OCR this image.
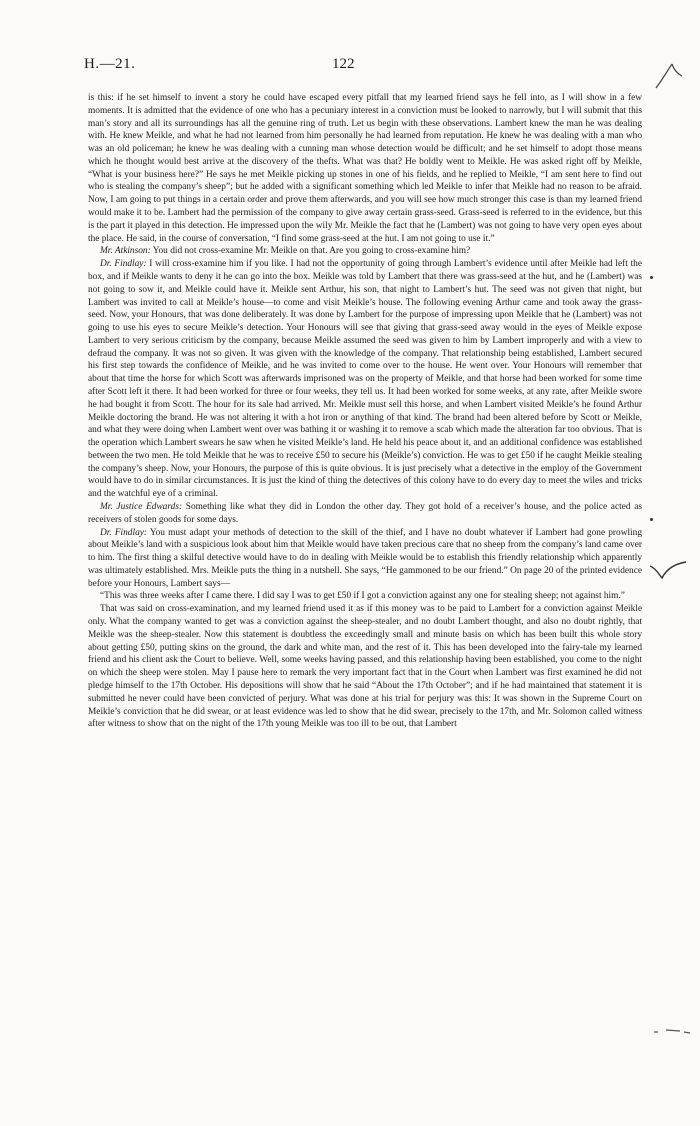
H.—21.	122

is this: if he set himself to invent a story he could have escaped every pitfall that my learned friend says he fell into, as I will show in a few moments. It is admitted that the evidence of one who has a pecuniary interest in a conviction must be looked to narrowly, but I will submit that this man’s story and all its surroundings has all the genuine ring of truth. Let us begin with these observations. Lambert knew the man he was dealing with. He knew Meikle, and what he had not learned from him personally he had learned from reputation. He knew he was dealing with a man who was an old policeman; he knew he was dealing with a cunning man whose detection would be difficult; and he set himself to adopt those means which he thought would best arrive at the discovery of the thefts. What was that? He boldly went to Meikle. He was asked right off by Meikle, “What is your business here?” He says he met Meikle picking up stones in one of his fields, and he replied to Meikle, “I am sent here to find out who is stealing the company’s sheep”; but he added with a significant something which led Meikle to infer that Meikle had no reason to be afraid. Now, I am going to put things in a certain order and prove them afterwards, and you will see how much stronger this case is than my learned friend would make it to be. Lambert had the permission of the company to give away certain grass-seed. Grass-seed is referred to in the evidence, but this is the part it played in this detection. He impressed upon the wily Mr. Meikle the fact that he (Lambert) was not going to have very open eyes about the place. He said, in the course of conversation, “I find some grass-seed at the hut. I am not going to use it.”

Mr. Atkinson: You did not cross-examine Mr. Meikle on that. Are you going to cross-examine him?

Dr. Findlay: I will cross-examine him if you like. I had not the opportunity of going through Lambert’s evidence until after Meikle had left the box, and if Meikle wants to deny it he can go into the box. Meikle was told by Lambert that there was grass-seed at the hut, and he (Lambert) was not going to sow it, and Meikle could have it. Meikle sent Arthur, his son, that night to Lambert’s hut. The seed was not given that night, but Lambert was invited to call at Meikle’s house—to come and visit Meikle’s house. The following evening Arthur came and took away the grass-seed. Now, your Honours, that was done deliberately. It was done by Lambert for the purpose of impressing upon Meikle that he (Lambert) was not going to use his eyes to secure Meikle’s detection. Your Honours will see that giving that grass-seed away would in the eyes of Meikle expose Lambert to very serious criticism by the company, because Meikle assumed the seed was given to him by Lambert improperly and with a view to defraud the company. It was not so given. It was given with the knowledge of the company. That relationship being established, Lambert secured his first step towards the confidence of Meikle, and he was invited to come over to the house. He went over. Your Honours will remember that about that time the horse for which Scott was afterwards imprisoned was on the property of Meikle, and that horse had been worked for some time after Scott left it there. It had been worked for three or four weeks, they tell us. It had been worked for some weeks, at any rate, after Meikle swore he had bought it from Scott. The hour for its sale had arrived. Mr. Meikle must sell this horse, and when Lambert visited Meikle’s he found Arthur Meikle doctoring the brand. He was not altering it with a hot iron or anything of that kind. The brand had been altered before by Scott or Meikle, and what they were doing when Lambert went over was bathing it or washing it to remove a scab which made the alteration far too obvious. That is the operation which Lambert swears he saw when he visited Meikle’s land. He held his peace about it, and an additional confidence was established between the two men. He told Meikle that he was to receive £50 to secure his (Meikle’s) conviction. He was to get £50 if he caught Meikle stealing the company’s sheep. Now, your Honours, the purpose of this is quite obvious. It is just precisely what a detective in the employ of the Government would have to do in similar circumstances. It is just the kind of thing the detectives of this colony have to do every day to meet the wiles and tricks and the watchful eye of a criminal.

Mr. Justice Edwards: Something like what they did in London the other day. They got hold of a receiver’s house, and the police acted as receivers of stolen goods for some days.

Dr. Findlay: You must adapt your methods of detection to the skill of the thief, and I have no doubt whatever if Lambert had gone prowling about Meikle’s land with a suspicious look about him that Meikle would have taken precious care that no sheep from the company’s land came over to him. The first thing a skilful detective would have to do in dealing with Meikle would be to establish this friendly relationship which apparently was ultimately established. Mrs. Meikle puts the thing in a nutshell. She says, “He gammoned to be our friend.” On page 20 of the printed evidence before your Honours, Lambert says—

“This was three weeks after I came there. I did say I was to get £50 if I got a conviction against any one for stealing sheep; not against him.”

That was said on cross-examination, and my learned friend used it as if this money was to be paid to Lambert for a conviction against Meikle only. What the company wanted to get was a conviction against the sheep-stealer, and no doubt Lambert thought, and also no doubt rightly, that Meikle was the sheep-stealer. Now this statement is doubtless the exceedingly small and minute basis on which has been built this whole story about getting £50, putting skins on the ground, the dark and white man, and the rest of it. This has been developed into the fairy-tale my learned friend and his client ask the Court to believe. Well, some weeks having passed, and this relationship having been established, you come to the night on which the sheep were stolen. May I pause here to remark the very important fact that in the Court when Lambert was first examined he did not pledge himself to the 17th October. His depositions will show that he said “About the 17th October”; and if he had maintained that statement it is submitted he never could have been convicted of perjury. What was done at his trial for perjury was this: It was shown in the Supreme Court on Meikle’s conviction that he did swear, or at least evidence was led to show that he did swear, precisely to the 17th, and Mr. Solomon called witness after witness to show that on the night of the 17th young Meikle was too ill to be out, that Lambert
